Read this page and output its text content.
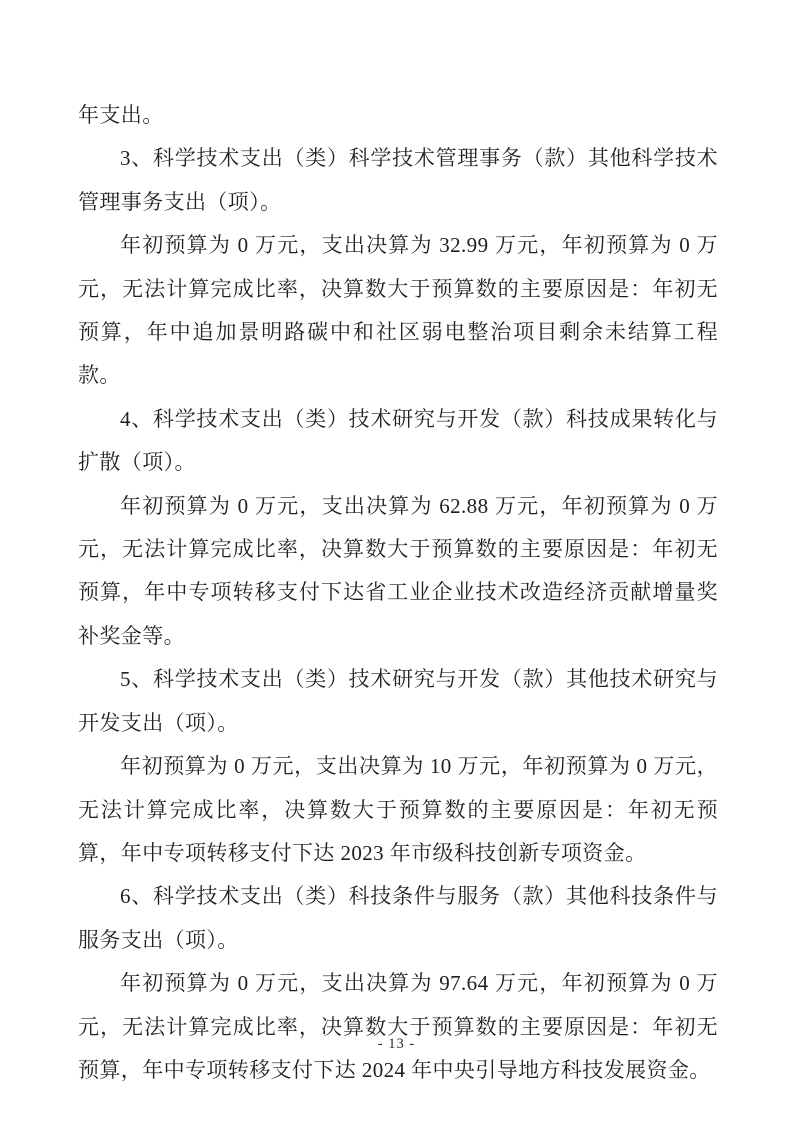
年支出。

3、科学技术支出（类）科学技术管理事务（款）其他科学技术管理事务支出（项）。

年初预算为 0 万元，支出决算为 32.99 万元，年初预算为 0 万元，无法计算完成比率，决算数大于预算数的主要原因是：年初无预算，年中追加景明路碳中和社区弱电整治项目剩余未结算工程款。

4、科学技术支出（类）技术研究与开发（款）科技成果转化与扩散（项）。

年初预算为 0 万元，支出决算为 62.88 万元，年初预算为 0 万元，无法计算完成比率，决算数大于预算数的主要原因是：年初无预算，年中专项转移支付下达省工业企业技术改造经济贡献增量奖补奖金等。

5、科学技术支出（类）技术研究与开发（款）其他技术研究与开发支出（项）。

年初预算为 0 万元，支出决算为 10 万元，年初预算为 0 万元，无法计算完成比率，决算数大于预算数的主要原因是：年初无预算，年中专项转移支付下达 2023 年市级科技创新专项资金。

6、科学技术支出（类）科技条件与服务（款）其他科技条件与服务支出（项）。

年初预算为 0 万元，支出决算为 97.64 万元，年初预算为 0 万元，无法计算完成比率，决算数大于预算数的主要原因是：年初无预算，年中专项转移支付下达 2024 年中央引导地方科技发展资金。

- 13 -
